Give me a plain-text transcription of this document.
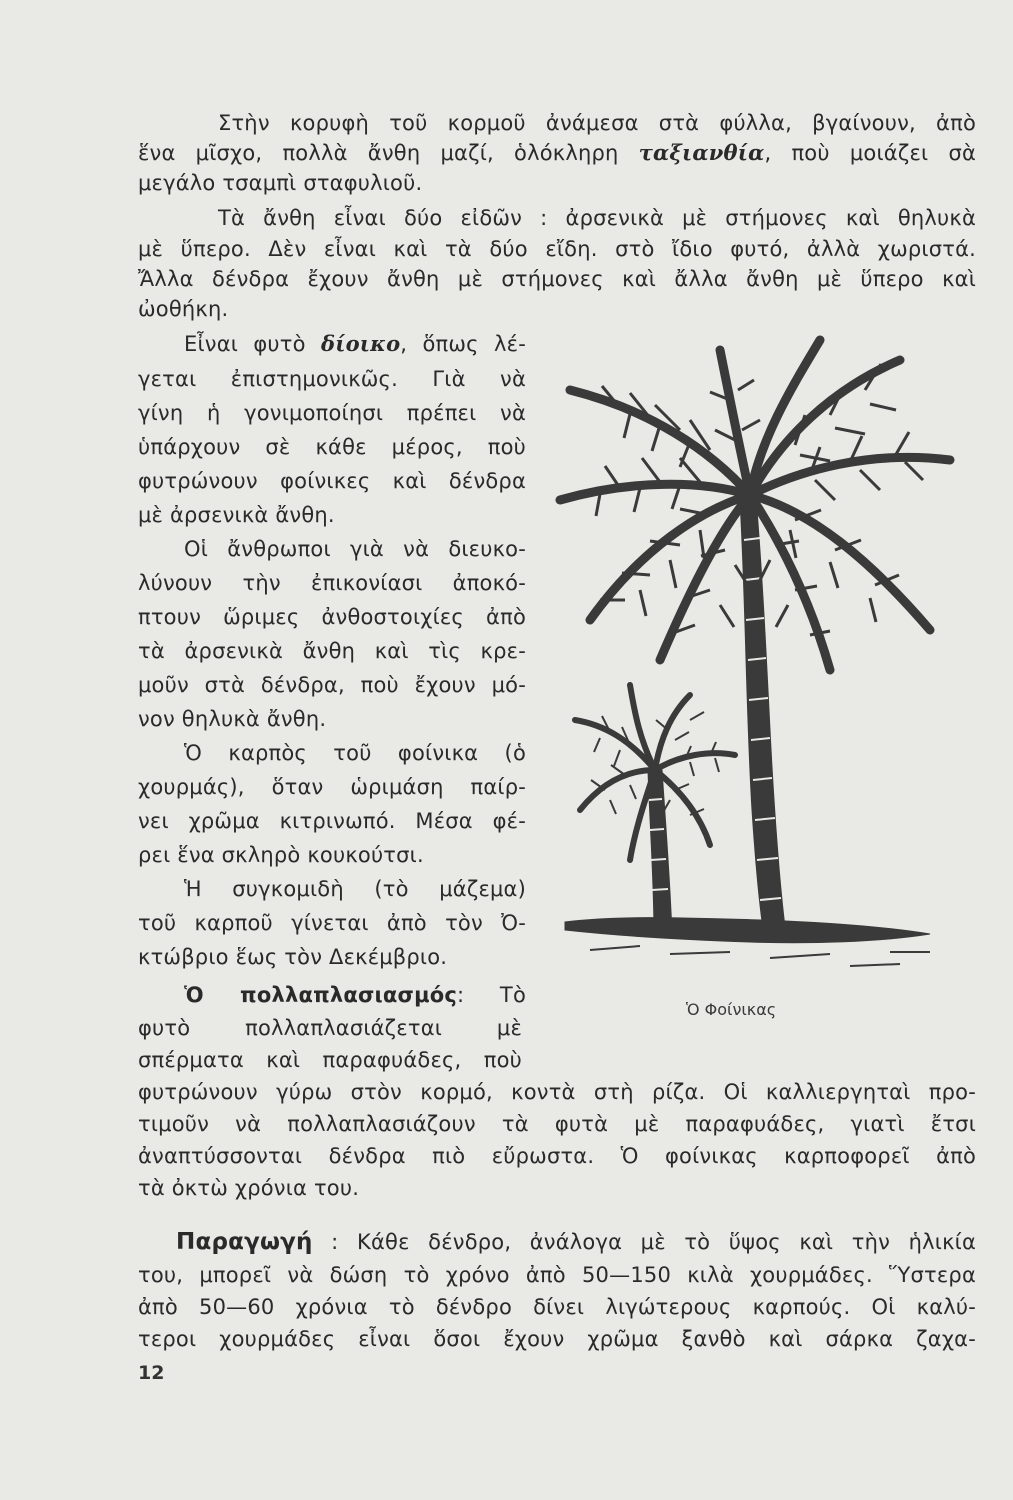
Στὴν κορυφὴ τοῦ κορμοῦ ἀνάμεσα στὰ φύλλα, βγαίνουν, ἀπὸ
ἕνα μῖσχο, πολλὰ ἄνθη μαζί, ὁλόκληρη ταξιανθία, ποὺ μοιάζει σὰ
μεγάλο τσαμπὶ σταφυλιοῦ.
Τὰ ἄνθη εἶναι δύο εἰδῶν : ἀρσενικὰ μὲ στήμονες καὶ θηλυκὰ
μὲ ὕπερο. Δὲν εἶναι καὶ τὰ δύο εἴδη. στὸ ἴδιο φυτό, ἀλλὰ χωριστά.
Ἄλλα δένδρα ἔχουν ἄνθη μὲ στήμονες καὶ ἄλλα ἄνθη μὲ ὕπερο καὶ
ὠοθήκη.
Εἶναι φυτὸ δίοικο, ὅπως λέ-
γεται ἐπιστημονικῶς. Γιὰ νὰ
γίνη ἡ γονιμοποίησι πρέπει νὰ
ὑπάρχουν σὲ κάθε μέρος, ποὺ
φυτρώνουν φοίνικες καὶ δένδρα
μὲ ἀρσενικὰ ἄνθη.
Οἱ ἄνθρωποι γιὰ νὰ διευκο-
λύνουν τὴν ἐπικονίασι ἀποκό-
πτουν ὥριμες ἀνθοστοιχίες ἀπὸ
τὰ ἀρσενικὰ ἄνθη καὶ τὶς κρε-
μοῦν στὰ δένδρα, ποὺ ἔχουν μό-
νον θηλυκὰ ἄνθη.
Ὁ καρπὸς τοῦ φοίνικα (ὁ
χουρμάς), ὅταν ὡριμάση παίρ-
νει χρῶμα κιτρινωπό. Μέσα φέ-
ρει ἕνα σκληρὸ κουκούτσι.
Ἡ συγκομιδὴ (τὸ μάζεμα)
τοῦ καρποῦ γίνεται ἀπὸ τὸν Ὀ-
κτώβριο ἕως τὸν Δεκέμβριο.
Ὁ πολλαπλασιασμός: Τὸ
φυτὸ πολλαπλασιάζεται μὲ
σπέρματα καὶ παραφυάδες, ποὺ
φυτρώνουν γύρω στὸν κορμό, κοντὰ στὴ ρίζα. Οἱ καλλιεργηταὶ προ-
τιμοῦν νὰ πολλαπλασιάζουν τὰ φυτὰ μὲ παραφυάδες, γιατὶ ἔτσι
ἀναπτύσσονται δένδρα πιὸ εὔρωστα. Ὁ φοίνικας καρποφορεῖ ἀπὸ
τὰ ὀκτὼ χρόνια του.
Παραγωγή : Κάθε δένδρο, ἀνάλογα μὲ τὸ ὕψος καὶ τὴν ἡλικία
του, μπορεῖ νὰ δώση τὸ χρόνο ἀπὸ 50—150 κιλὰ χουρμάδες. Ὕστερα
ἀπὸ 50—60 χρόνια τὸ δένδρο δίνει λιγώτερους καρπούς. Οἱ καλύ-
τεροι χουρμάδες εἶναι ὅσοι ἔχουν χρῶμα ξανθὸ καὶ σάρκα ζαχα-
Ὁ Φοίνικας
12
